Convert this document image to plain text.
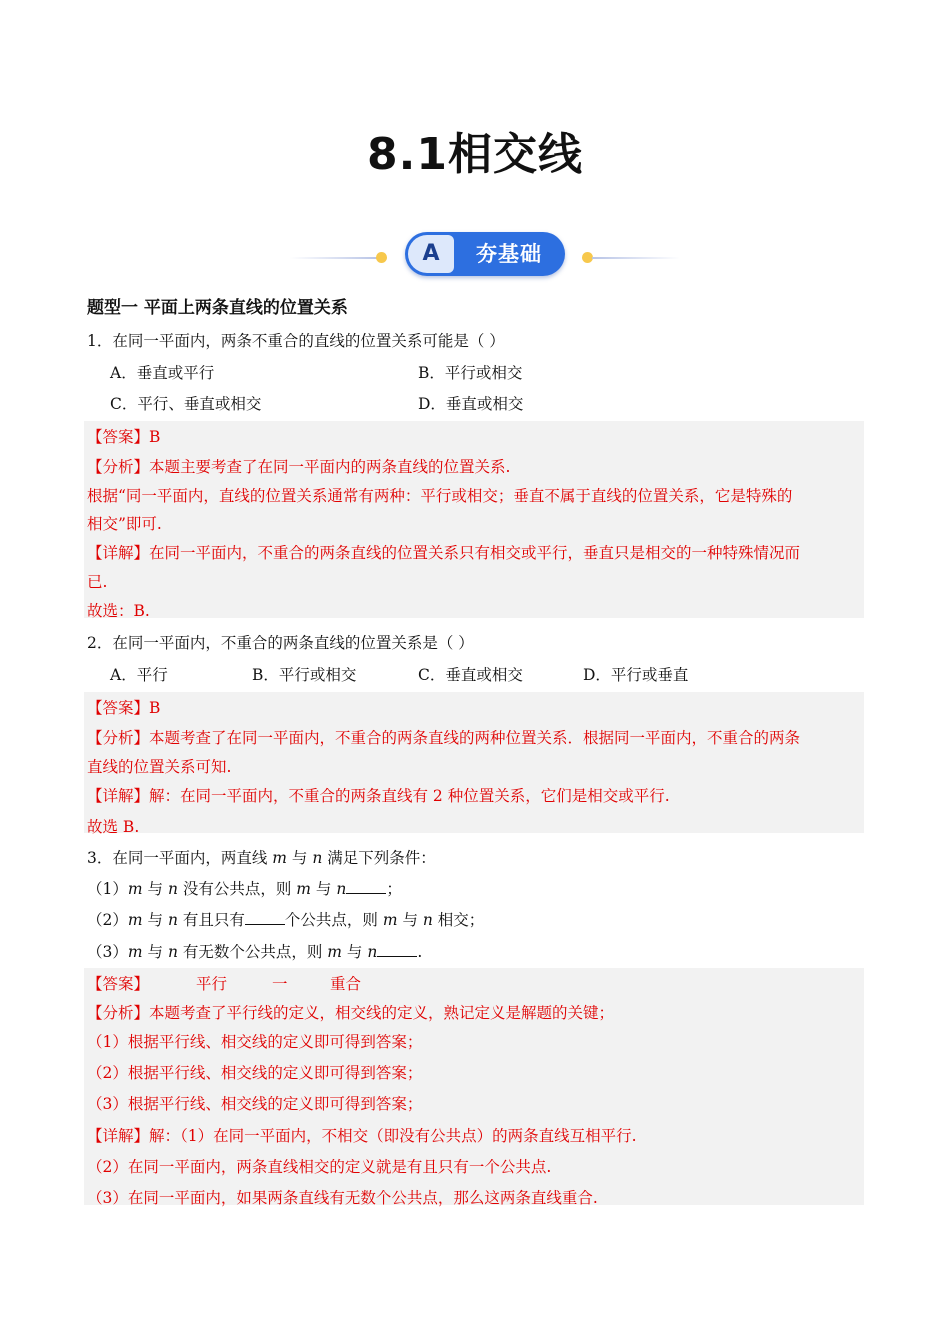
8.1相交线
A	夯基础
题型一 平面上两条直线的位置关系
1．在同一平面内，两条不重合的直线的位置关系可能是（ ）
A．垂直或平行	B．平行或相交
C．平行、垂直或相交	D．垂直或相交
【答案】B
【分析】本题主要考查了在同一平面内的两条直线的位置关系.
根据“同一平面内，直线的位置关系通常有两种：平行或相交；垂直不属于直线的位置关系，它是特殊的
相交”即可.
【详解】在同一平面内，不重合的两条直线的位置关系只有相交或平行，垂直只是相交的一种特殊情况而
已.
故选：B.
2．在同一平面内，不重合的两条直线的位置关系是（ ）
A．平行	B．平行或相交	C．垂直或相交	D．平行或垂直
【答案】B
【分析】本题考查了在同一平面内，不重合的两条直线的两种位置关系．根据同一平面内，不重合的两条
直线的位置关系可知.
【详解】解：在同一平面内，不重合的两条直线有 2 种位置关系，它们是相交或平行.
故选 B.
3．在同一平面内，两直线 m 与 n 满足下列条件：
（1）m 与 n 没有公共点，则 m 与 n	；
（2）m 与 n 有且只有	个公共点，则 m 与 n 相交；
（3）m 与 n 有无数个公共点，则 m 与 n	.
【答案】	平行	一	重合
【分析】本题考查了平行线的定义，相交线的定义，熟记定义是解题的关键；
（1）根据平行线、相交线的定义即可得到答案；
（2）根据平行线、相交线的定义即可得到答案；
（3）根据平行线、相交线的定义即可得到答案；
【详解】解：（1）在同一平面内，不相交（即没有公共点）的两条直线互相平行.
（2）在同一平面内，两条直线相交的定义就是有且只有一个公共点.
（3）在同一平面内，如果两条直线有无数个公共点，那么这两条直线重合.
